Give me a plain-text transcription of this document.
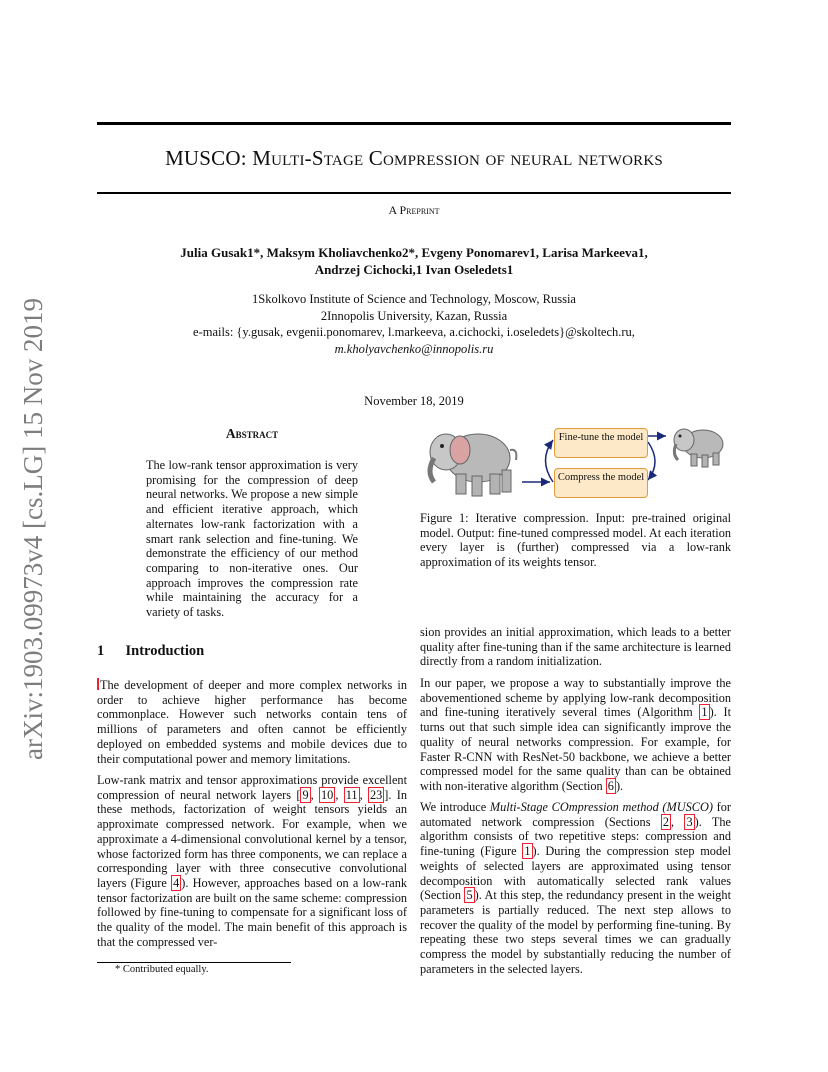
arXiv:1903.09973v4 [cs.LG] 15 Nov 2019
MUSCO: Multi-Stage Compression of neural networks
A Preprint
Julia Gusak1*, Maksym Kholiavchenko2*, Evgeny Ponomarev1, Larisa Markeeva1,
Andrzej Cichocki,1 Ivan Oseledets1
1Skolkovo Institute of Science and Technology, Moscow, Russia
2Innopolis University, Kazan, Russia
e-mails: {y.gusak, evgenii.ponomarev, l.markeeva, a.cichocki, i.oseledets}@skoltech.ru,
m.kholyavchenko@innopolis.ru
November 18, 2019
Abstract
The low-rank tensor approximation is very promising for the compression of deep neural networks. We propose a new simple and efficient iterative approach, which alternates low-rank factorization with a smart rank selection and fine-tuning. We demonstrate the efficiency of our method comparing to non-iterative ones. Our approach improves the compression rate while maintaining the accuracy for a variety of tasks.
Fine-tune the model
Compress the model
Figure 1: Iterative compression. Input: pre-trained original model. Output: fine-tuned compressed model. At each iteration every layer is (further) compressed via a low-rank approximation of its weights tensor.
1 Introduction
The development of deeper and more complex networks in order to achieve higher performance has become commonplace. However such networks contain tens of millions of parameters and often cannot be efficiently deployed on embedded systems and mobile devices due to their computational power and memory limitations.
Low-rank matrix and tensor approximations provide excellent compression of neural network layers [ 9 , 10 , 11 , 23 ]. In these methods, factorization of weight tensors yields an approximate compressed network. For example, when we approximate a 4-dimensional convolutional kernel by a tensor, whose factorized form has three components, we can replace a corresponding layer with three consecutive convolutional layers (Figure 4 ). However, approaches based on a low-rank tensor factorization are built on the same scheme: compression followed by fine-tuning to compensate for a significant loss of the quality of the model. The main benefit of this approach is that the compressed ver-
sion provides an initial approximation, which leads to a better quality after fine-tuning than if the same architecture is learned directly from a random initialization.
In our paper, we propose a way to substantially improve the abovementioned scheme by applying low-rank decomposition and fine-tuning iteratively several times (Algorithm 1 ). It turns out that such simple idea can significantly improve the quality of neural networks compression. For example, for Faster R-CNN with ResNet-50 backbone, we achieve a better compressed model for the same quality than can be obtained with non-iterative algorithm (Section 6 ).
We introduce Multi-Stage COmpression method (MUSCO) for automated network compression (Sections 2 , 3 ). The algorithm consists of two repetitive steps: compression and fine-tuning (Figure 1 ). During the compression step model weights of selected layers are approximated using tensor decomposition with automatically selected rank values (Section 5 ). At this step, the redundancy present in the weight parameters is partially reduced. The next step allows to recover the quality of the model by performing fine-tuning. By repeating these two steps several times we can gradually compress the model by substantially reducing the number of parameters in the selected layers.
* Contributed equally.
